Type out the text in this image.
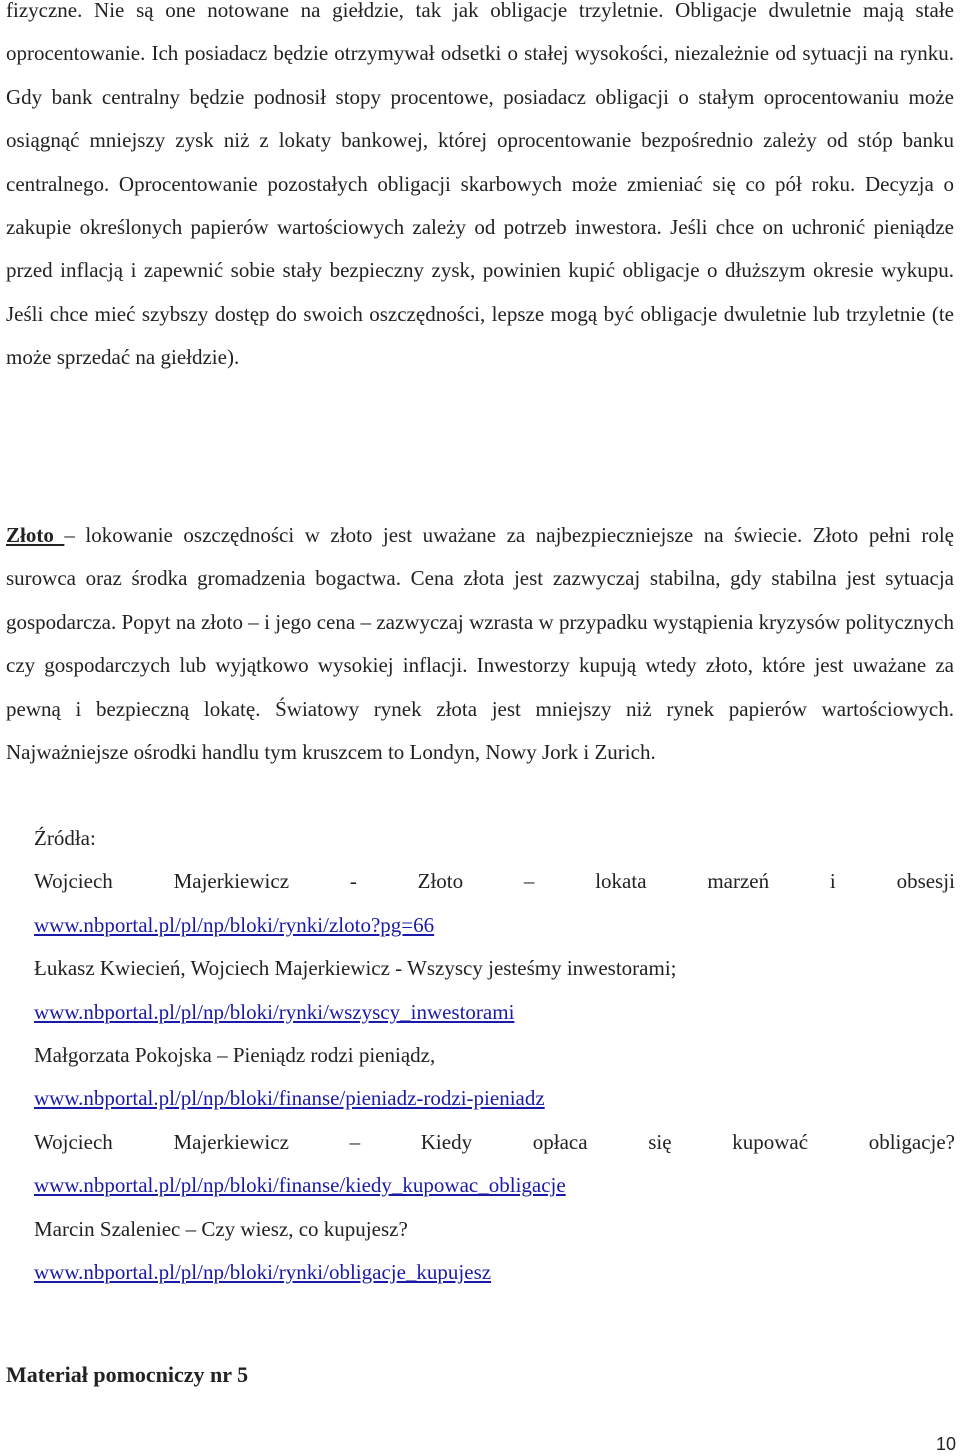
fizyczne. Nie są one notowane na giełdzie, tak jak obligacje trzyletnie. Obligacje dwuletnie mają stałe oprocentowanie. Ich posiadacz będzie otrzymywał odsetki o stałej wysokości, niezależnie od sytuacji na rynku. Gdy bank centralny będzie podnosił stopy procentowe, posiadacz obligacji o stałym oprocentowaniu może osiągnąć mniejszy zysk niż z lokaty bankowej, której oprocentowanie bezpośrednio zależy od stóp banku centralnego. Oprocentowanie pozostałych obligacji skarbowych może zmieniać się co pół roku. Decyzja o zakupie określonych papierów wartościowych zależy od potrzeb inwestora. Jeśli chce on uchronić pieniądze przed inflacją i zapewnić sobie stały bezpieczny zysk, powinien kupić obligacje o dłuższym okresie wykupu. Jeśli chce mieć szybszy dostęp do swoich oszczędności, lepsze mogą być obligacje dwuletnie lub trzyletnie (te może sprzedać na giełdzie).

Złoto – lokowanie oszczędności w złoto jest uważane za najbezpieczniejsze na świecie. Złoto pełni rolę surowca oraz środka gromadzenia bogactwa. Cena złota jest zazwyczaj stabilna, gdy stabilna jest sytuacja gospodarcza. Popyt na złoto – i jego cena – zazwyczaj wzrasta w przypadku wystąpienia kryzysów politycznych czy gospodarczych lub wyjątkowo wysokiej inflacji. Inwestorzy kupują wtedy złoto, które jest uważane za pewną i bezpieczną lokatę. Światowy rynek złota jest mniejszy niż rynek papierów wartościowych. Najważniejsze ośrodki handlu tym kruszcem to Londyn, Nowy Jork i Zurich.

Źródła:
Wojciech	Majerkiewicz	-	Złoto	–	lokata	marzeń	i	obsesji
www.nbportal.pl/pl/np/bloki/rynki/zloto?pg=66
Łukasz Kwiecień, Wojciech Majerkiewicz - Wszyscy jesteśmy inwestorami;
www.nbportal.pl/pl/np/bloki/rynki/wszyscy_inwestorami
Małgorzata Pokojska – Pieniądz rodzi pieniądz,
www.nbportal.pl/pl/np/bloki/finanse/pieniadz-rodzi-pieniadz
Wojciech	Majerkiewicz	–	Kiedy	opłaca	się	kupować	obligacje?
www.nbportal.pl/pl/np/bloki/finanse/kiedy_kupowac_obligacje
Marcin Szaleniec – Czy wiesz, co kupujesz?
www.nbportal.pl/pl/np/bloki/rynki/obligacje_kupujesz
Materiał pomocniczy nr 5
10
